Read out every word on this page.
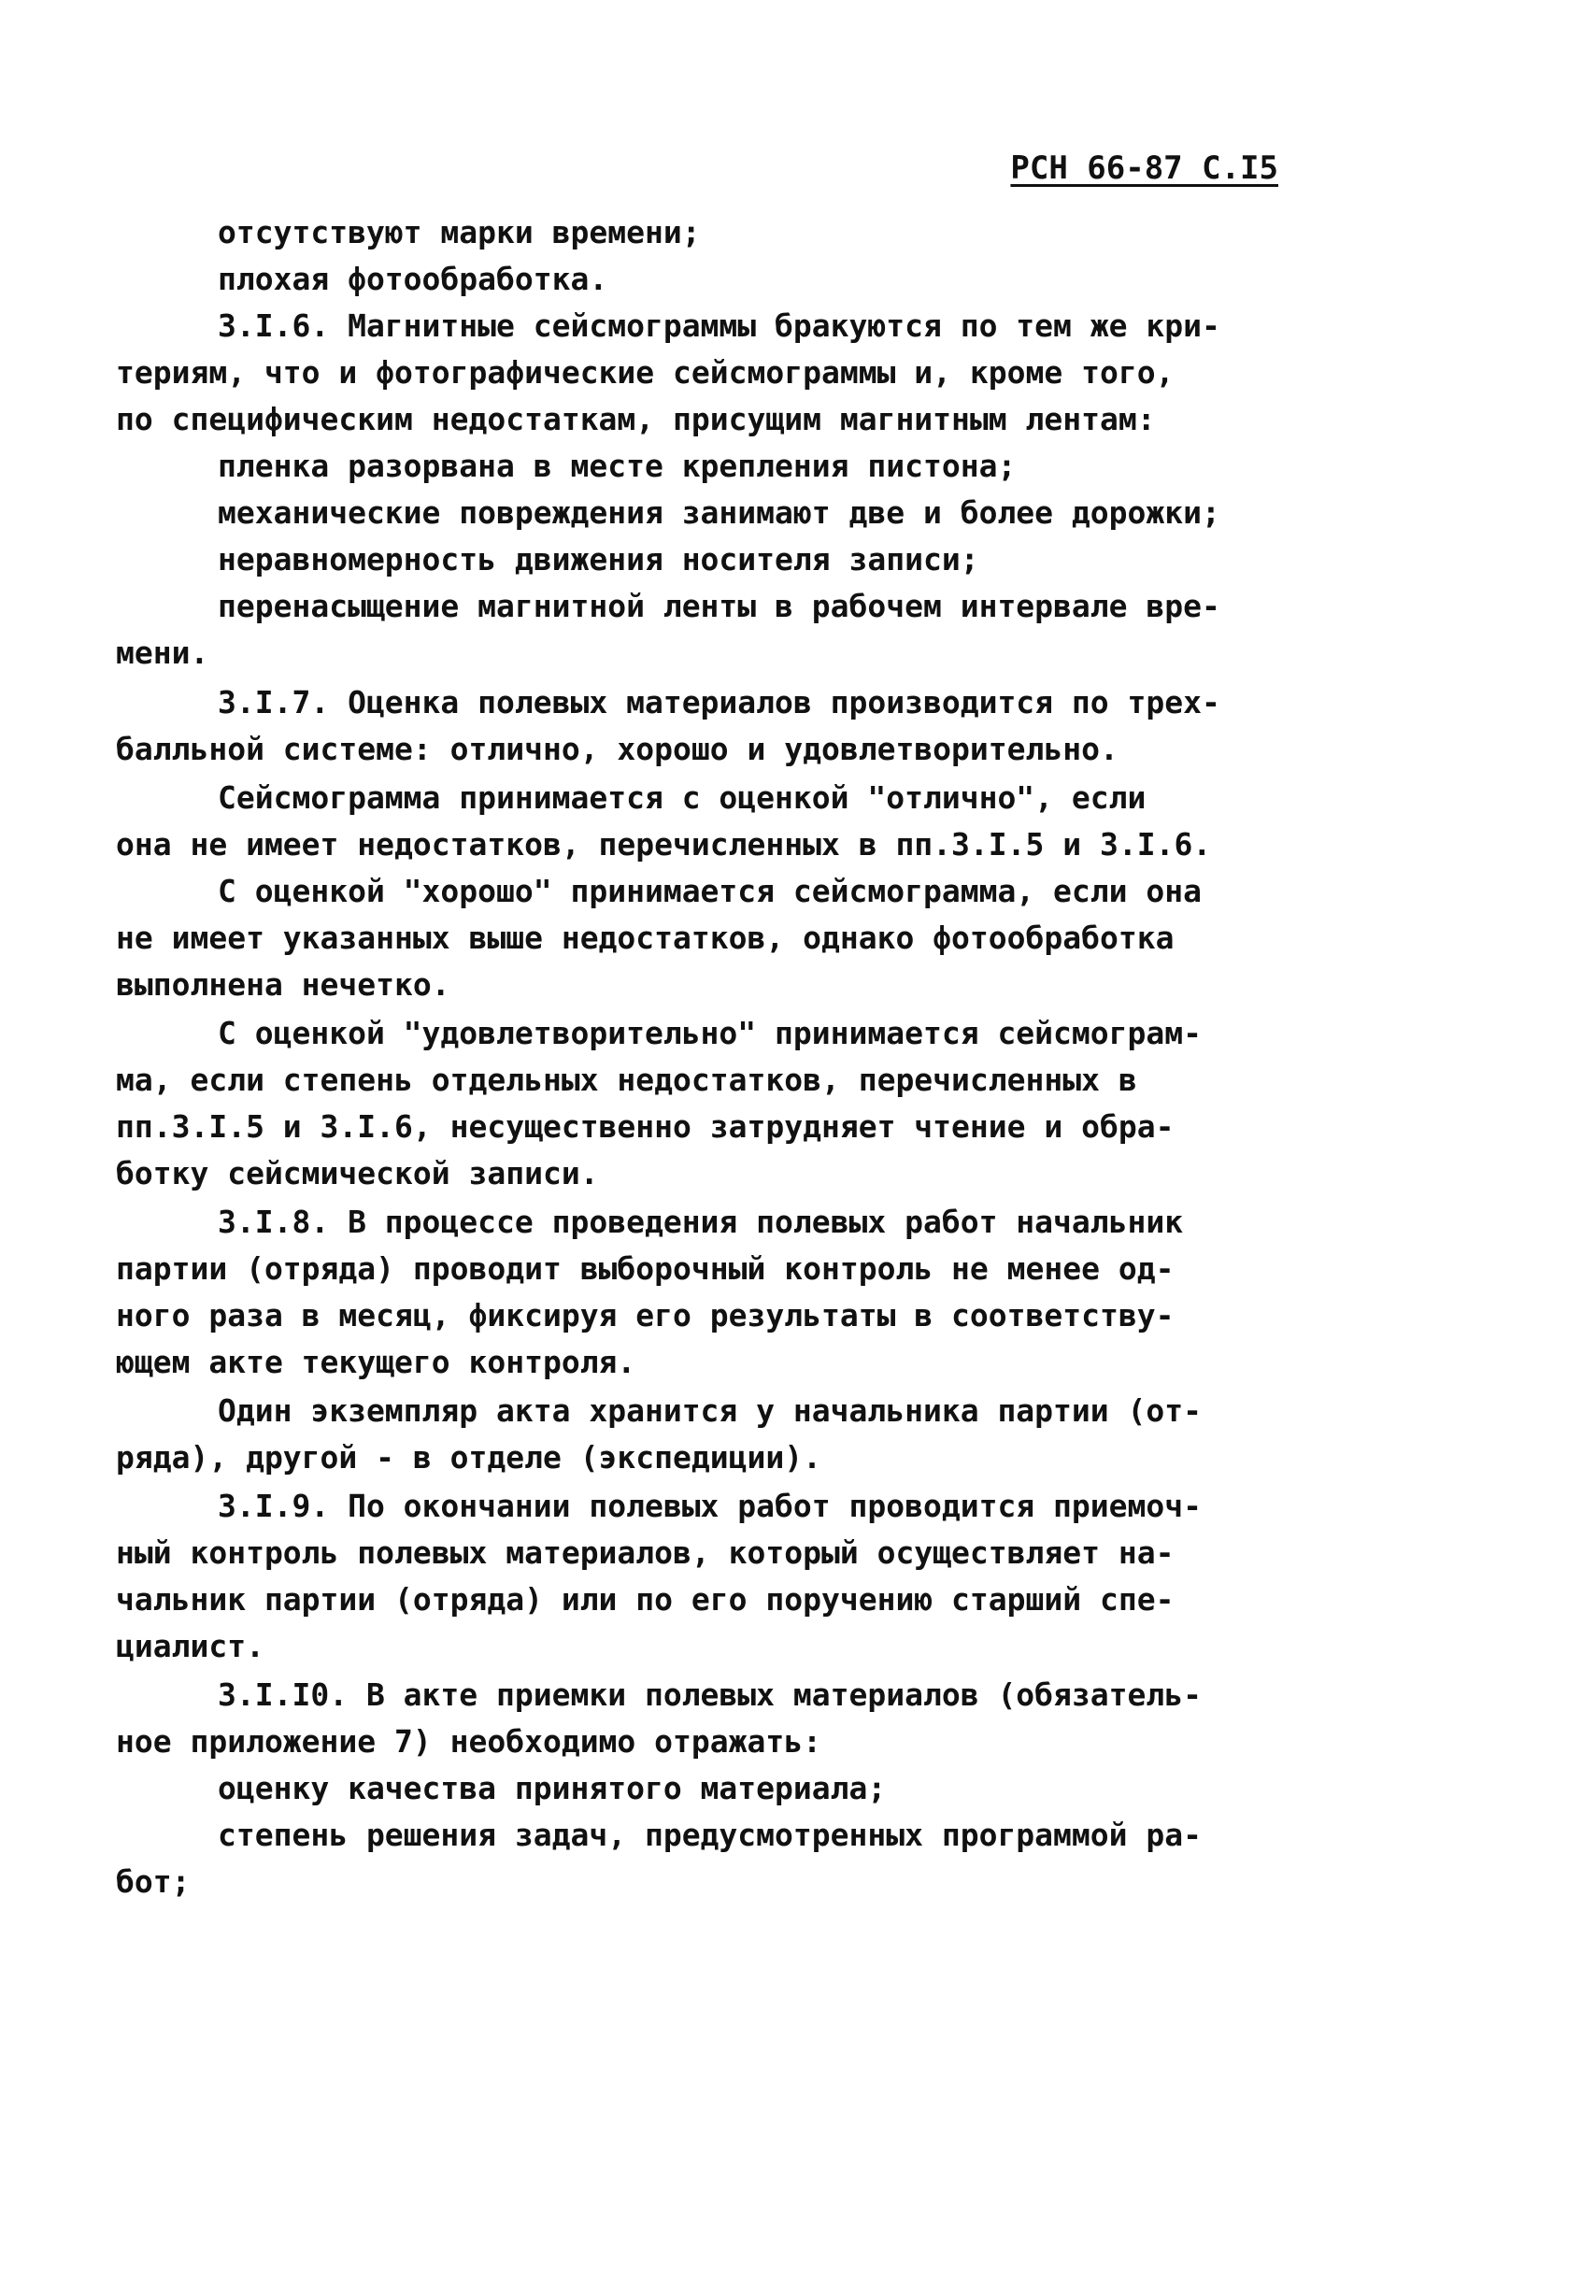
РСН 66-87 С.I5
отсутствуют марки времени;
плохая фотообработка.
3.I.6. Магнитные сейсмограммы бракуются по тем же кри-
териям, что и фотографические сейсмограммы и, кроме того,
по специфическим недостаткам, присущим магнитным лентам:
пленка разорвана в месте крепления пистона;
механические повреждения занимают две и более дорожки;
неравномерность движения носителя записи;
перенасыщение магнитной ленты в рабочем интервале вре-
мени.
3.I.7. Оценка полевых материалов производится по трех-
балльной системе: отлично, хорошо и удовлетворительно.
Сейсмограмма принимается с оценкой "отлично", если
она не имеет недостатков, перечисленных в пп.3.I.5 и 3.I.6.
С оценкой "хорошо" принимается сейсмограмма, если она
не имеет указанных выше недостатков, однако фотообработка
выполнена нечетко.
С оценкой "удовлетворительно" принимается сейсмограм-
ма, если степень отдельных недостатков, перечисленных в
пп.3.I.5 и 3.I.6, несущественно затрудняет чтение и обра-
ботку сейсмической записи.
3.I.8. В процессе проведения полевых работ начальник
партии (отряда) проводит выборочный контроль не менее од-
ного раза в месяц, фиксируя его результаты в соответству-
ющем акте текущего контроля.
Один экземпляр акта хранится у начальника партии (от-
ряда), другой - в отделе (экспедиции).
3.I.9. По окончании полевых работ проводится приемоч-
ный контроль полевых материалов, который осуществляет на-
чальник партии (отряда) или по его поручению старший спе-
циалист.
3.I.I0. В акте приемки полевых материалов (обязатель-
ное приложение 7) необходимо отражать:
оценку качества принятого материала;
степень решения задач, предусмотренных программой ра-
бот;
